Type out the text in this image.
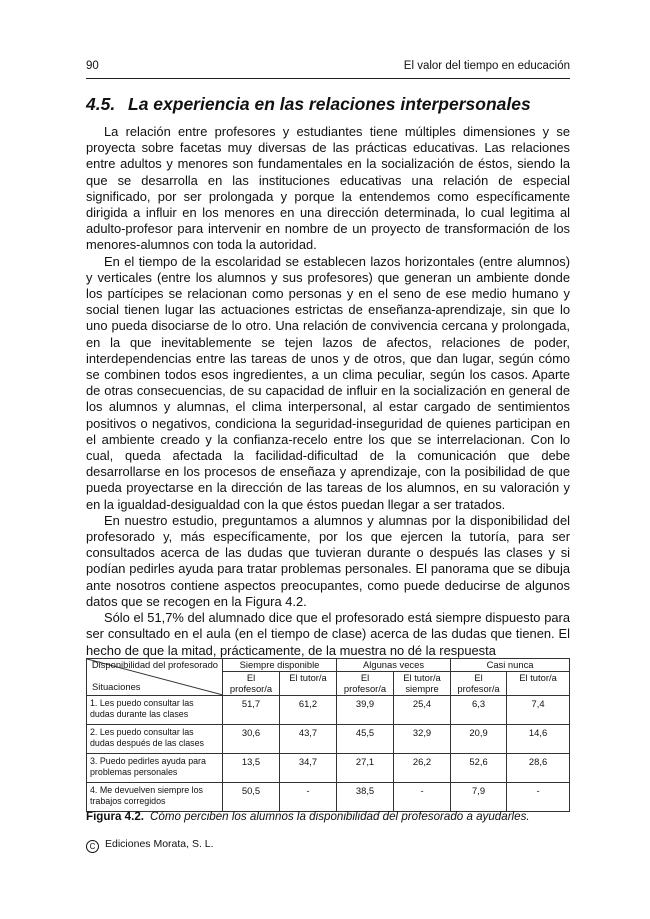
90	El valor del tiempo en educación
4.5. La experiencia en las relaciones interpersonales

La relación entre profesores y estudiantes tiene múltiples dimensiones y se proyecta sobre facetas muy diversas de las prácticas educativas. Las relaciones entre adultos y menores son fundamentales en la socialización de éstos, siendo la que se desarrolla en las instituciones educativas una relación de especial significado, por ser prolongada y porque la entendemos como específicamente dirigida a influir en los menores en una dirección determinada, lo cual legitima al adulto-profesor para intervenir en nombre de un proyecto de transformación de los menores-alumnos con toda la autoridad.

En el tiempo de la escolaridad se establecen lazos horizontales (entre alumnos) y verticales (entre los alumnos y sus profesores) que generan un ambiente donde los partícipes se relacionan como personas y en el seno de ese medio humano y social tienen lugar las actuaciones estrictas de enseñanza-aprendizaje, sin que lo uno pueda disociarse de lo otro. Una relación de convivencia cercana y prolongada, en la que inevitablemente se tejen lazos de afectos, relaciones de poder, interdependencias entre las tareas de unos y de otros, que dan lugar, según cómo se combinen todos esos ingredientes, a un clima peculiar, según los casos. Aparte de otras consecuencias, de su capacidad de influir en la socialización en general de los alumnos y alumnas, el clima interpersonal, al estar cargado de sentimientos positivos o negativos, condiciona la seguridad-inseguridad de quienes participan en el ambiente creado y la confianza-recelo entre los que se interrelacionan. Con lo cual, queda afectada la facilidad-dificultad de la comunicación que debe desarrollarse en los procesos de enseñaza y aprendizaje, con la posibilidad de que pueda proyectarse en la dirección de las tareas de los alumnos, en su valoración y en la igualdad-desigualdad con la que éstos puedan llegar a ser tratados.

En nuestro estudio, preguntamos a alumnos y alumnas por la disponibilidad del profesorado y, más específicamente, por los que ejercen la tutoría, para ser consultados acerca de las dudas que tuvieran durante o después las clases y si podían pedirles ayuda para tratar problemas personales. El panorama que se dibuja ante nosotros contiene aspectos preocupantes, como puede deducirse de algunos datos que se recogen en la Figura 4.2.

Sólo el 51,7% del alumnado dice que el profesorado está siempre dispuesto para ser consultado en el aula (en el tiempo de clase) acerca de las dudas que tienen. El hecho de que la mitad, prácticamente, de la muestra no dé la respuesta

Disponibilidad del profesorado
Situaciones	Siempre disponible		Algunas veces		Casi nunca	
	El profesor/a	El tutor/a	El profesor/a	El tutor/a siempre	El profesor/a	El tutor/a
1. Les puedo consultar las dudas durante las clases	51,7	61,2	39,9	25,4	6,3	7,4
2. Les puedo consultar las dudas después de las clases	30,6	43,7	45,5	32,9	20,9	14,6
3. Puedo pedirles ayuda para problemas personales	13,5	34,7	27,1	26,2	52,6	28,6
4. Me devuelven siempre los trabajos corregidos	50,5	-	38,5	-	7,9	-
Figura 4.2. Cómo perciben los alumnos la disponibilidad del profesorado a ayudarles.
C Ediciones Morata, S. L.
